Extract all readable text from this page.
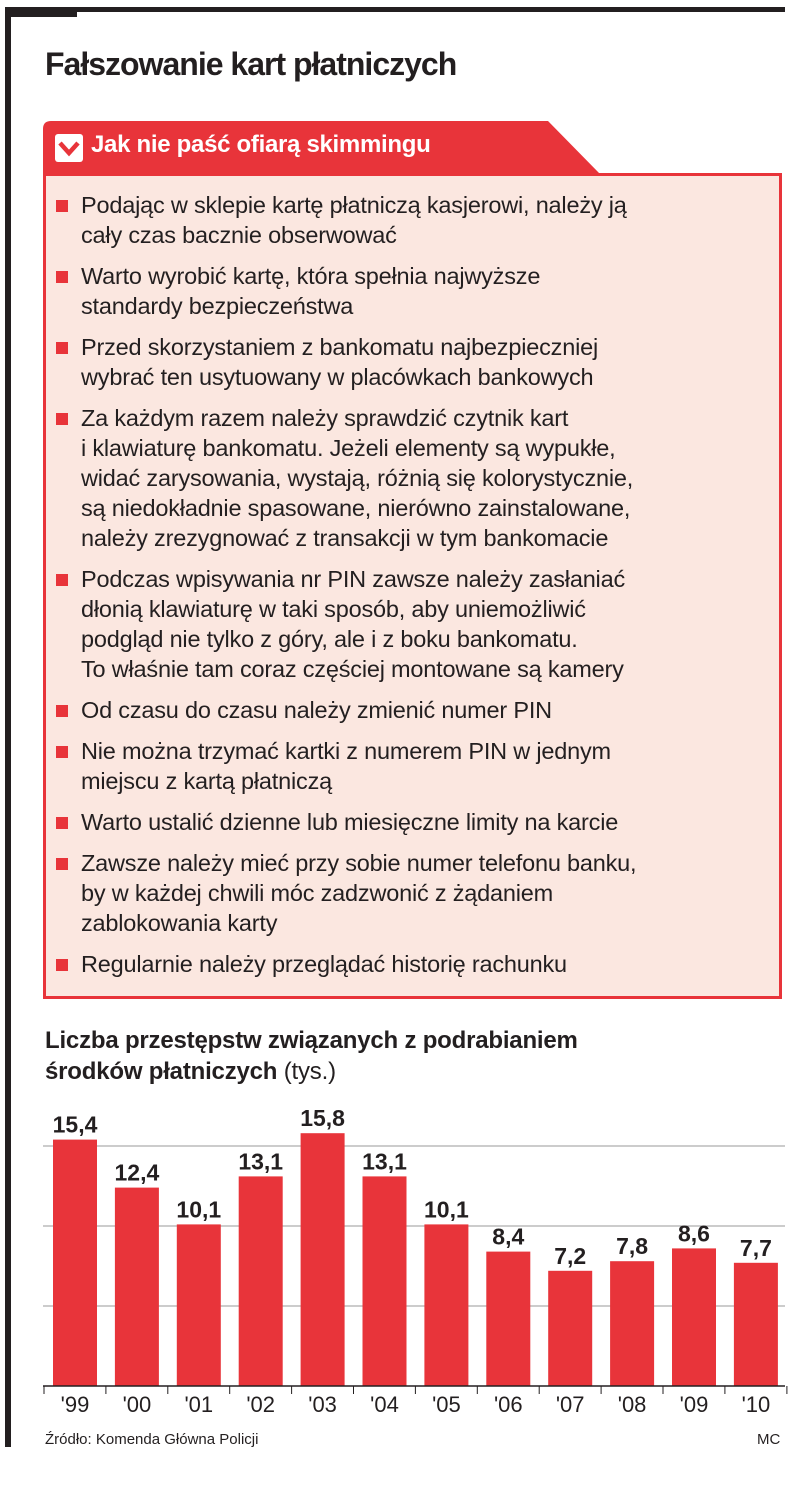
Fałszowanie kart płatniczych
Jak nie paść ofiarą skimmingu
Podając w sklepie kartę płatniczą kasjerowi, należy ją
cały czas bacznie obserwować
Warto wyrobić kartę, która spełnia najwyższe
standardy bezpieczeństwa
Przed skorzystaniem z bankomatu najbezpieczniej
wybrać ten usytuowany w placówkach bankowych
Za każdym razem należy sprawdzić czytnik kart
i klawiaturę bankomatu. Jeżeli elementy są wypukłe,
widać zarysowania, wystają, różnią się kolorystycznie,
są niedokładnie spasowane, nierówno zainstalowane,
należy zrezygnować z transakcji w tym bankomacie
Podczas wpisywania nr PIN zawsze należy zasłaniać
dłonią klawiaturę w taki sposób, aby uniemożliwić
podgląd nie tylko z góry, ale i z boku bankomatu.
To właśnie tam coraz częściej montowane są kamery
Od czasu do czasu należy zmienić numer PIN
Nie można trzymać kartki z numerem PIN w jednym
miejscu z kartą płatniczą
Warto ustalić dzienne lub miesięczne limity na karcie
Zawsze należy mieć przy sobie numer telefonu banku,
by w każdej chwili móc zadzwonić z żądaniem
zablokowania karty
Regularnie należy przeglądać historię rachunku
Liczba przestępstw związanych z podrabianiem
środków płatniczych (tys.)
15,4
'99
12,4
'00
10,1
'01
13,1
'02
15,8
'03
13,1
'04
10,1
'05
8,4
'06
7,2
'07
7,8
'08
8,6
'09
7,7
'10
Źródło: Komenda Główna Policji	MC
